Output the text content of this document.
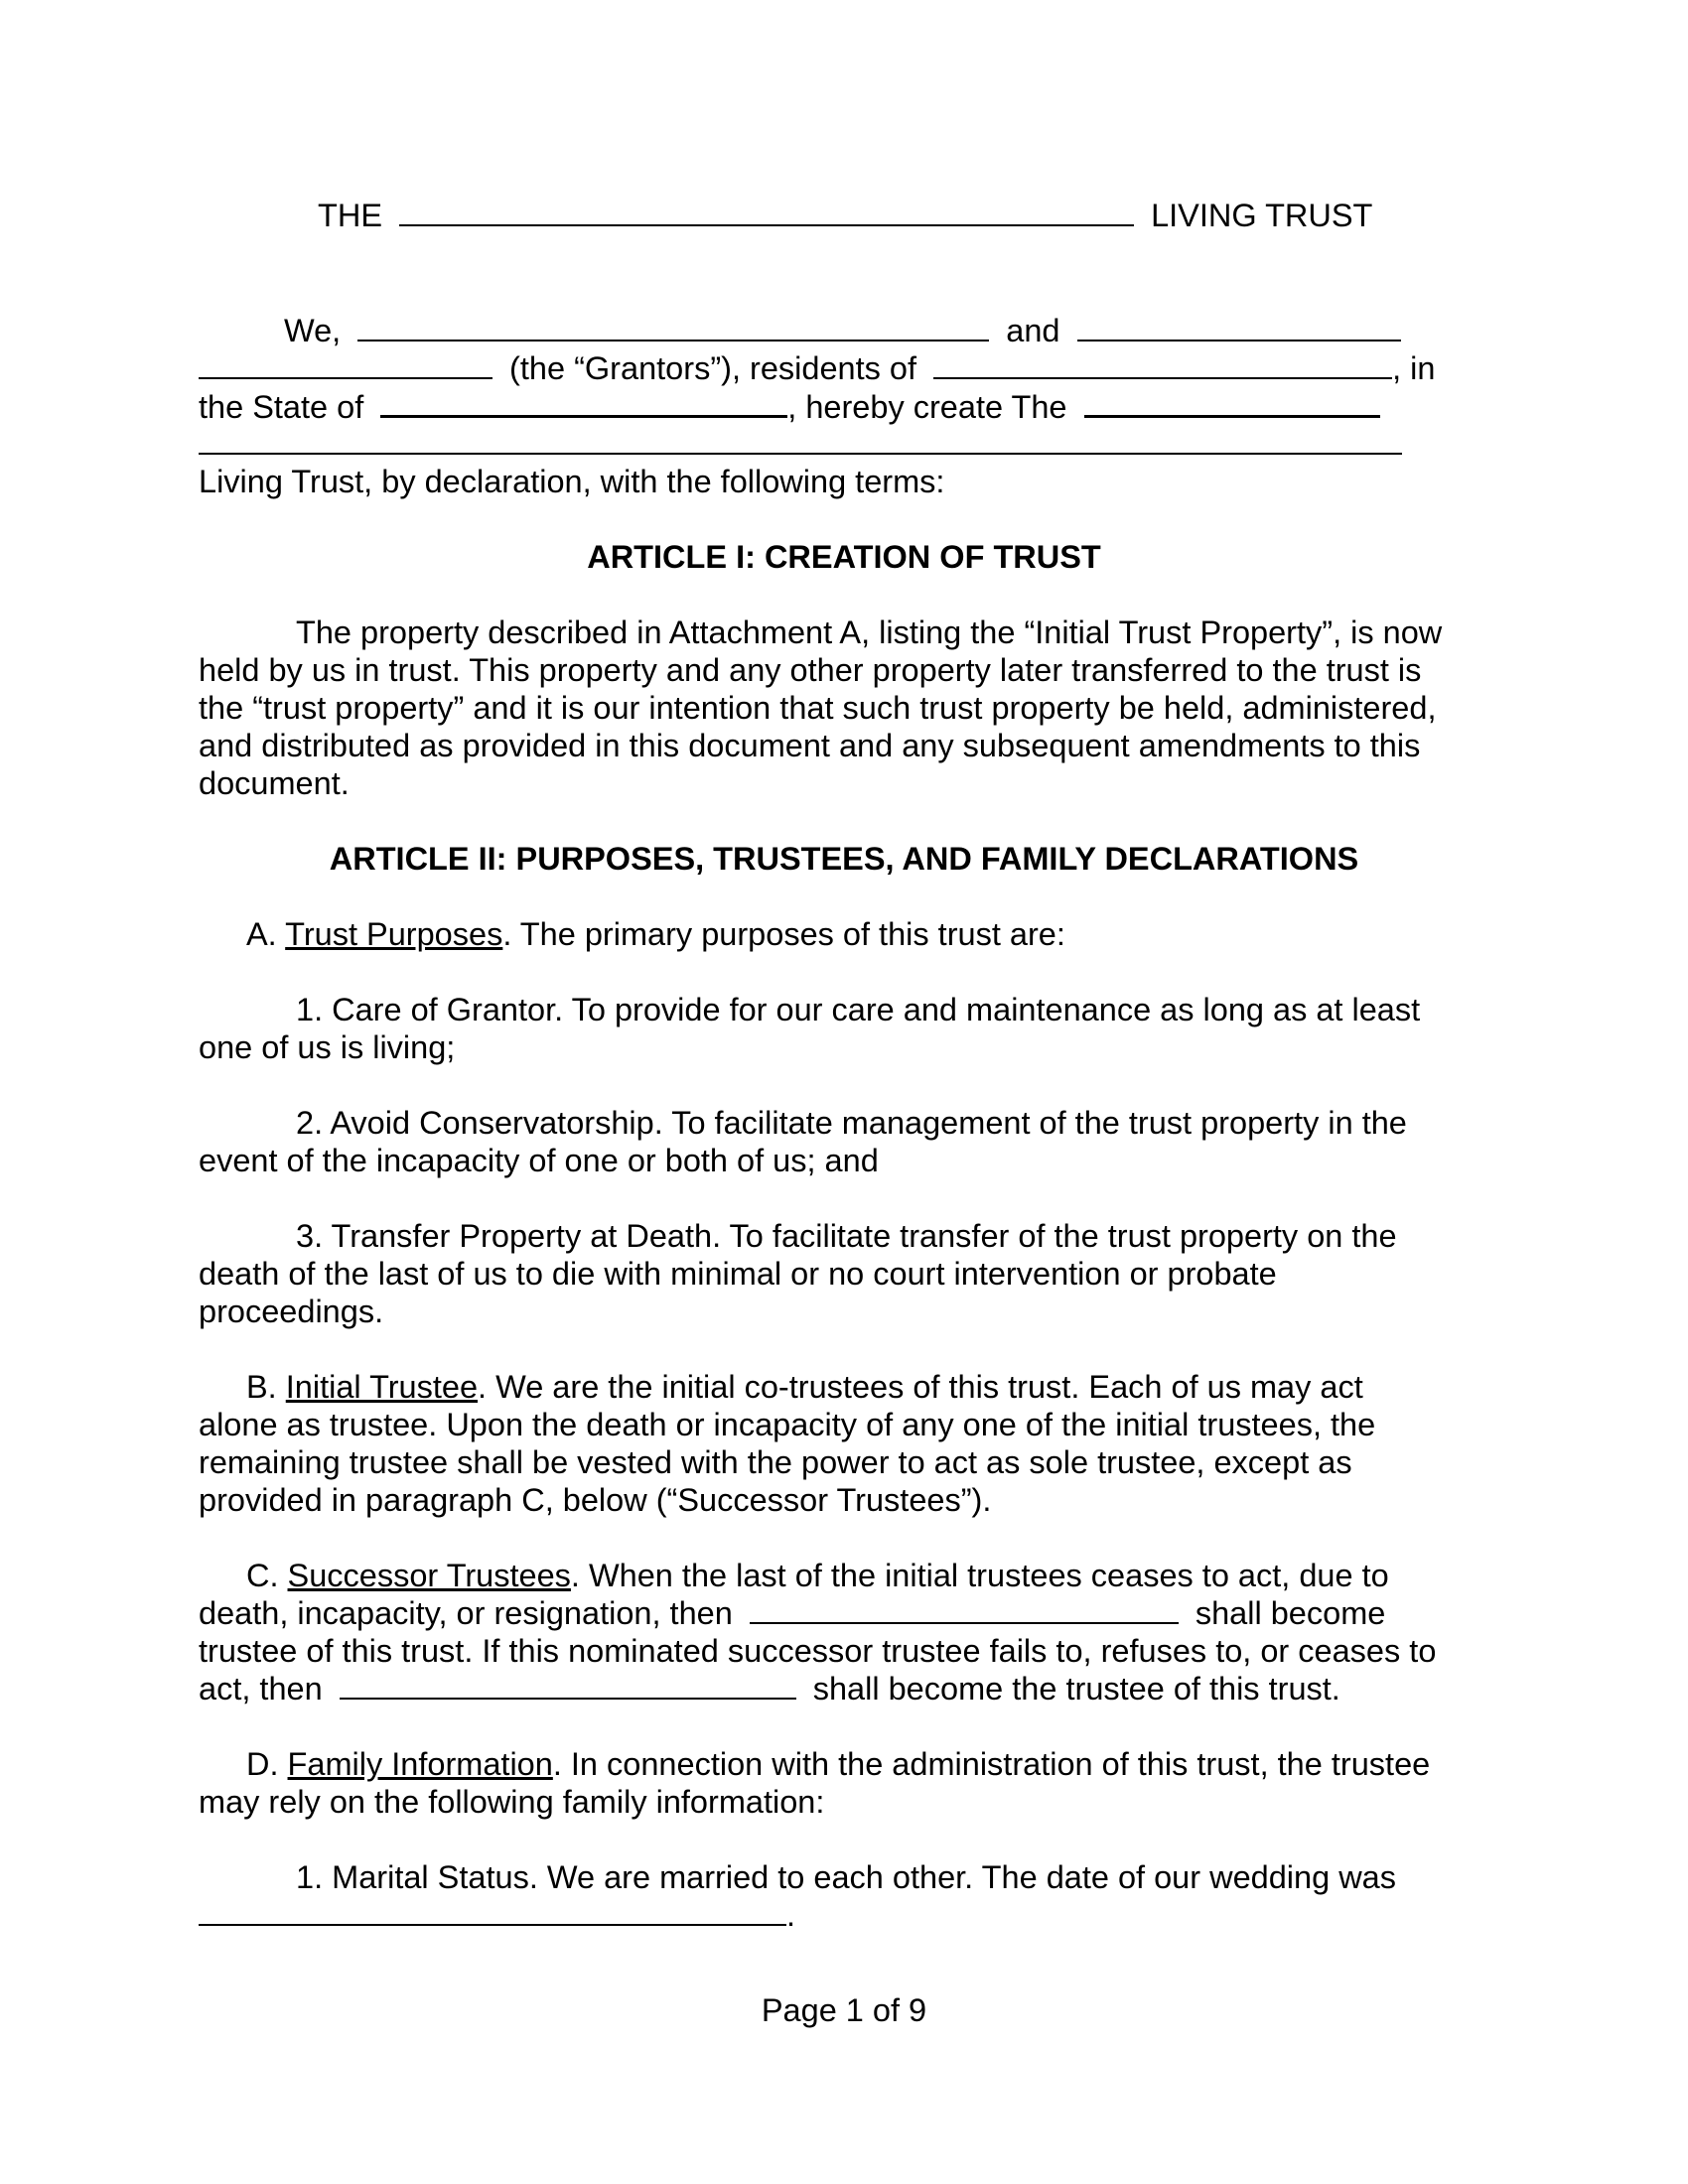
THE	LIVING TRUST
We,	and
(the “Grantors”), residents of	, in
the State of	, hereby create The
Living Trust, by declaration, with the following terms:
ARTICLE I: CREATION OF TRUST
The property described in Attachment A, listing the “Initial Trust Property”, is now
held by us in trust. This property and any other property later transferred to the trust is
the “trust property” and it is our intention that such trust property be held, administered,
and distributed as provided in this document and any subsequent amendments to this
document.
ARTICLE II: PURPOSES, TRUSTEES, AND FAMILY DECLARATIONS
A. Trust Purposes. The primary purposes of this trust are:
1. Care of Grantor. To provide for our care and maintenance as long as at least
one of us is living;
2. Avoid Conservatorship. To facilitate management of the trust property in the
event of the incapacity of one or both of us; and
3. Transfer Property at Death. To facilitate transfer of the trust property on the
death of the last of us to die with minimal or no court intervention or probate
proceedings.
B. Initial Trustee. We are the initial co-trustees of this trust. Each of us may act
alone as trustee. Upon the death or incapacity of any one of the initial trustees, the
remaining trustee shall be vested with the power to act as sole trustee, except as
provided in paragraph C, below (“Successor Trustees”).
C. Successor Trustees. When the last of the initial trustees ceases to act, due to
death, incapacity, or resignation, then	shall become
trustee of this trust. If this nominated successor trustee fails to, refuses to, or ceases to
act, then	shall become the trustee of this trust.
D. Family Information. In connection with the administration of this trust, the trustee
may rely on the following family information:
1. Marital Status. We are married to each other. The date of our wedding was
.
Page 1 of 9
